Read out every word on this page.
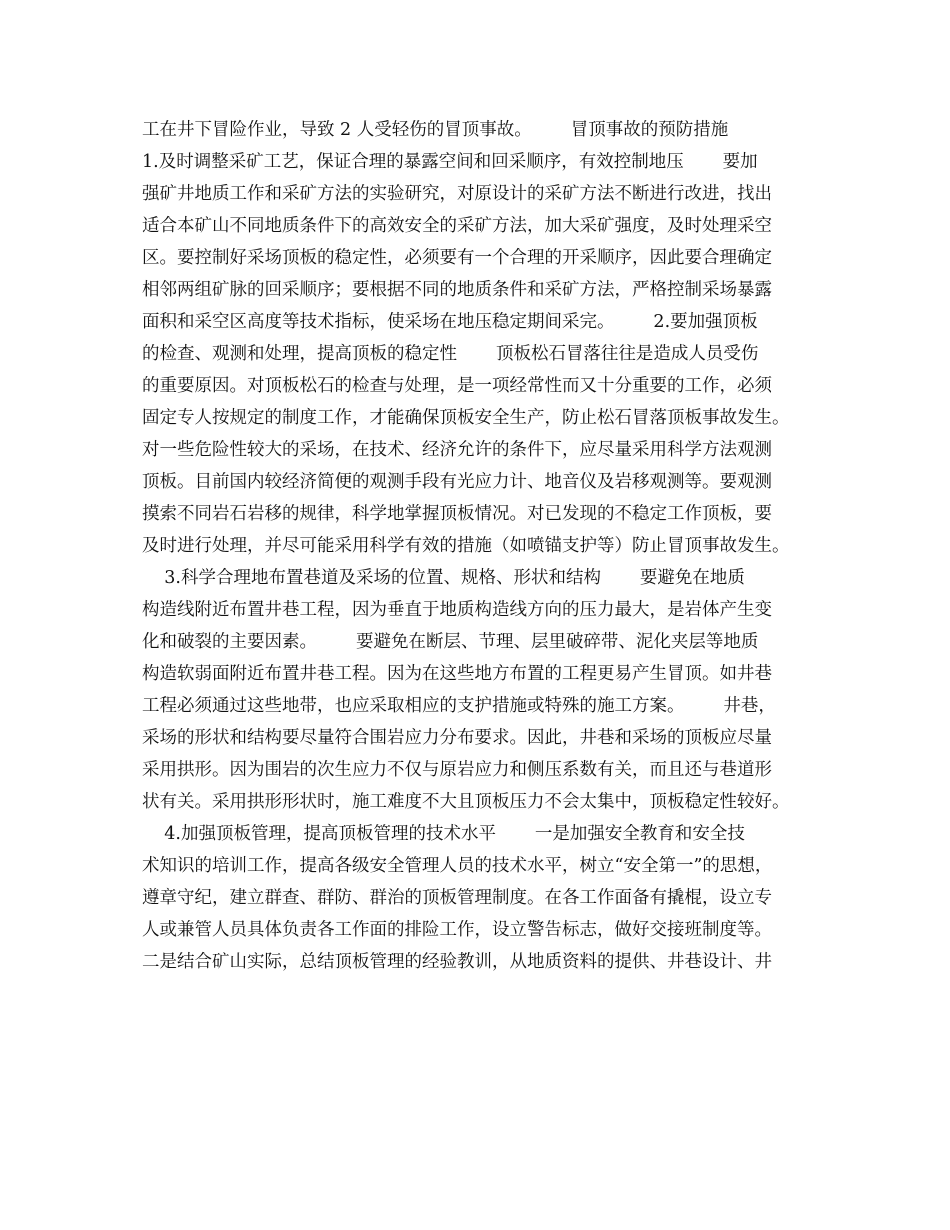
工在井下冒险作业，导致 2 人受轻伤的冒顶事故。       冒顶事故的预防措施
1.及时调整采矿工艺，保证合理的暴露空间和回采顺序，有效控制地压       要加
强矿井地质工作和采矿方法的实验研究，对原设计的采矿方法不断进行改进，找出
适合本矿山不同地质条件下的高效安全的采矿方法，加大采矿强度，及时处理采空
区。要控制好采场顶板的稳定性，必须要有一个合理的开采顺序，因此要合理确定
相邻两组矿脉的回采顺序；要根据不同的地质条件和采矿方法，严格控制采场暴露
面积和采空区高度等技术指标，使采场在地压稳定期间采完。       2.要加强顶板
的检查、观测和处理，提高顶板的稳定性       顶板松石冒落往往是造成人员受伤
的重要原因。对顶板松石的检查与处理，是一项经常性而又十分重要的工作，必须
固定专人按规定的制度工作，才能确保顶板安全生产，防止松石冒落顶板事故发生。
对一些危险性较大的采场，在技术、经济允许的条件下，应尽量采用科学方法观测
顶板。目前国内较经济简便的观测手段有光应力计、地音仪及岩移观测等。要观测
摸索不同岩石岩移的规律，科学地掌握顶板情况。对已发现的不稳定工作顶板，要
及时进行处理，并尽可能采用科学有效的措施（如喷锚支护等）防止冒顶事故发生。
3.科学合理地布置巷道及采场的位置、规格、形状和结构       要避免在地质
构造线附近布置井巷工程，因为垂直于地质构造线方向的压力最大，是岩体产生变
化和破裂的主要因素。       要避免在断层、节理、层里破碎带、泥化夹层等地质
构造软弱面附近布置井巷工程。因为在这些地方布置的工程更易产生冒顶。如井巷
工程必须通过这些地带，也应采取相应的支护措施或特殊的施工方案。       井巷，
采场的形状和结构要尽量符合围岩应力分布要求。因此，井巷和采场的顶板应尽量
采用拱形。因为围岩的次生应力不仅与原岩应力和侧压系数有关，而且还与巷道形
状有关。采用拱形形状时，施工难度不大且顶板压力不会太集中，顶板稳定性较好。
4.加强顶板管理，提高顶板管理的技术水平       一是加强安全教育和安全技
术知识的培训工作，提高各级安全管理人员的技术水平，树立“安全第一”的思想，
遵章守纪，建立群查、群防、群治的顶板管理制度。在各工作面备有撬棍，设立专
人或兼管人员具体负责各工作面的排险工作，设立警告标志，做好交接班制度等。
二是结合矿山实际，总结顶板管理的经验教训，从地质资料的提供、井巷设计、井
